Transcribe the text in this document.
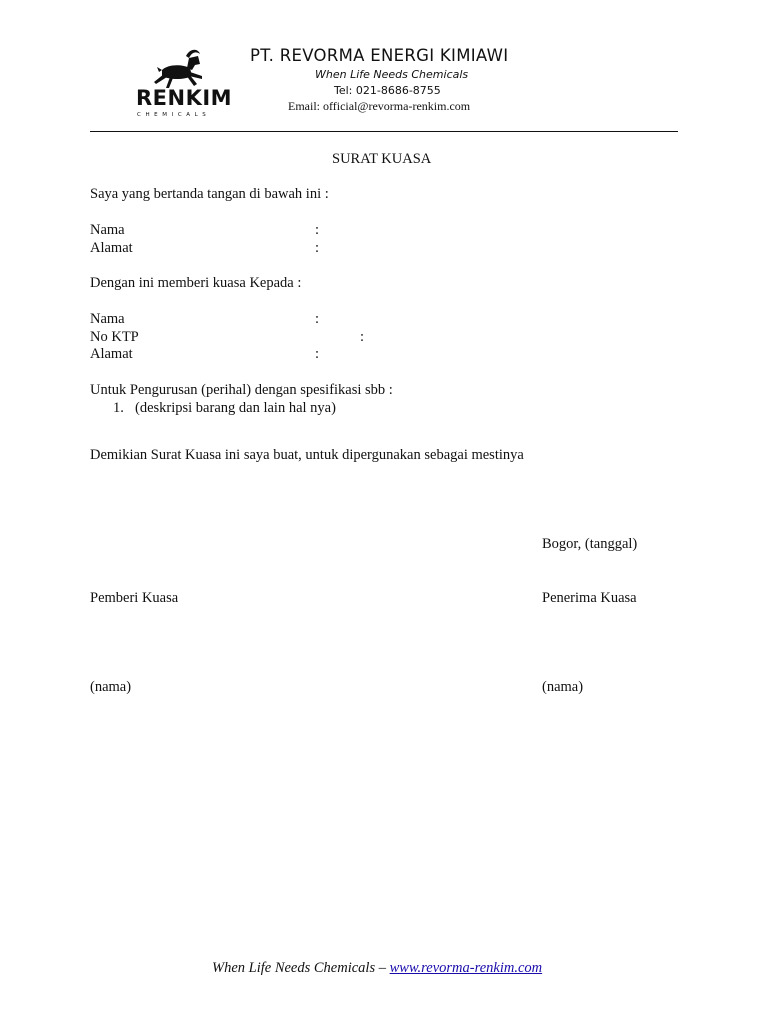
RENKIM
CHEMICALS
PT. REVORMA ENERGI KIMIAWI
When Life Needs Chemicals
Tel: 021-8686-8755
Email: official@revorma-renkim.com
SURAT KUASA
Saya yang bertanda tangan di bawah ini :
Nama	:
Alamat	:
Dengan ini memberi kuasa Kepada :
Nama	:
No KTP	:
Alamat	:
Untuk Pengurusan (perihal) dengan spesifikasi sbb :
1. (deskripsi barang dan lain hal nya)
Demikian Surat Kuasa ini saya buat, untuk dipergunakan sebagai mestinya
Bogor, (tanggal)
Pemberi Kuasa	Penerima Kuasa
(nama)	(nama)
When Life Needs Chemicals – www.revorma-renkim.com
